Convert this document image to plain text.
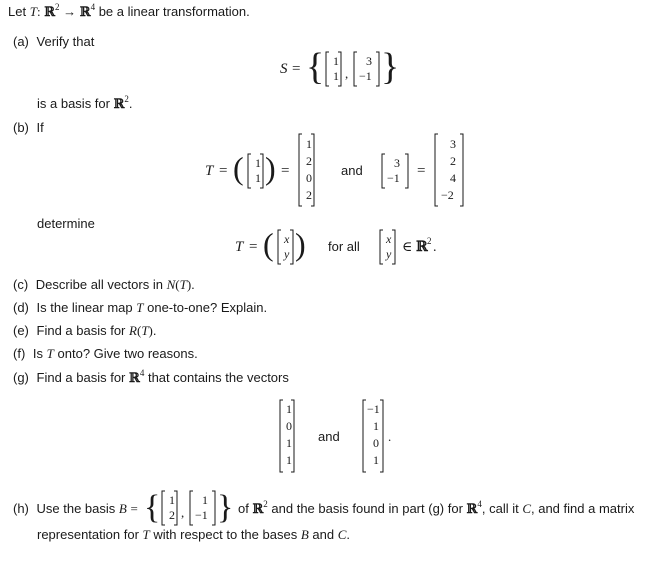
Let T: ℝ$^2$ → ℝ$^4$ be a linear transformation.
(a) Verify that
S = { 1
1 ,
3
−1 }
is a basis for ℝ$^2$.
(b) If
T = ( 1
1 ) =
1
2
0
2
and	3
−1 =
3
2
4
−2
determine
T = ( x
y ) for all x
y ∈ ℝ 2 .
(c) Describe all vectors in N(T).
(d) Is the linear map T one-to-one? Explain.
(e) Find a basis for R(T).
(f) Is T onto? Give two reasons.
(g) Find a basis for ℝ$^4$ that contains the vectors
1
0
1
1
and
−1
1
0
1
.
(h) Use the basis B = { 1
2 ,
1
−1 } of ℝ$^2$ and the basis found in part (g) for ℝ$^4$, call it C, and find a matrix
representation for T with respect to the bases B and C.
